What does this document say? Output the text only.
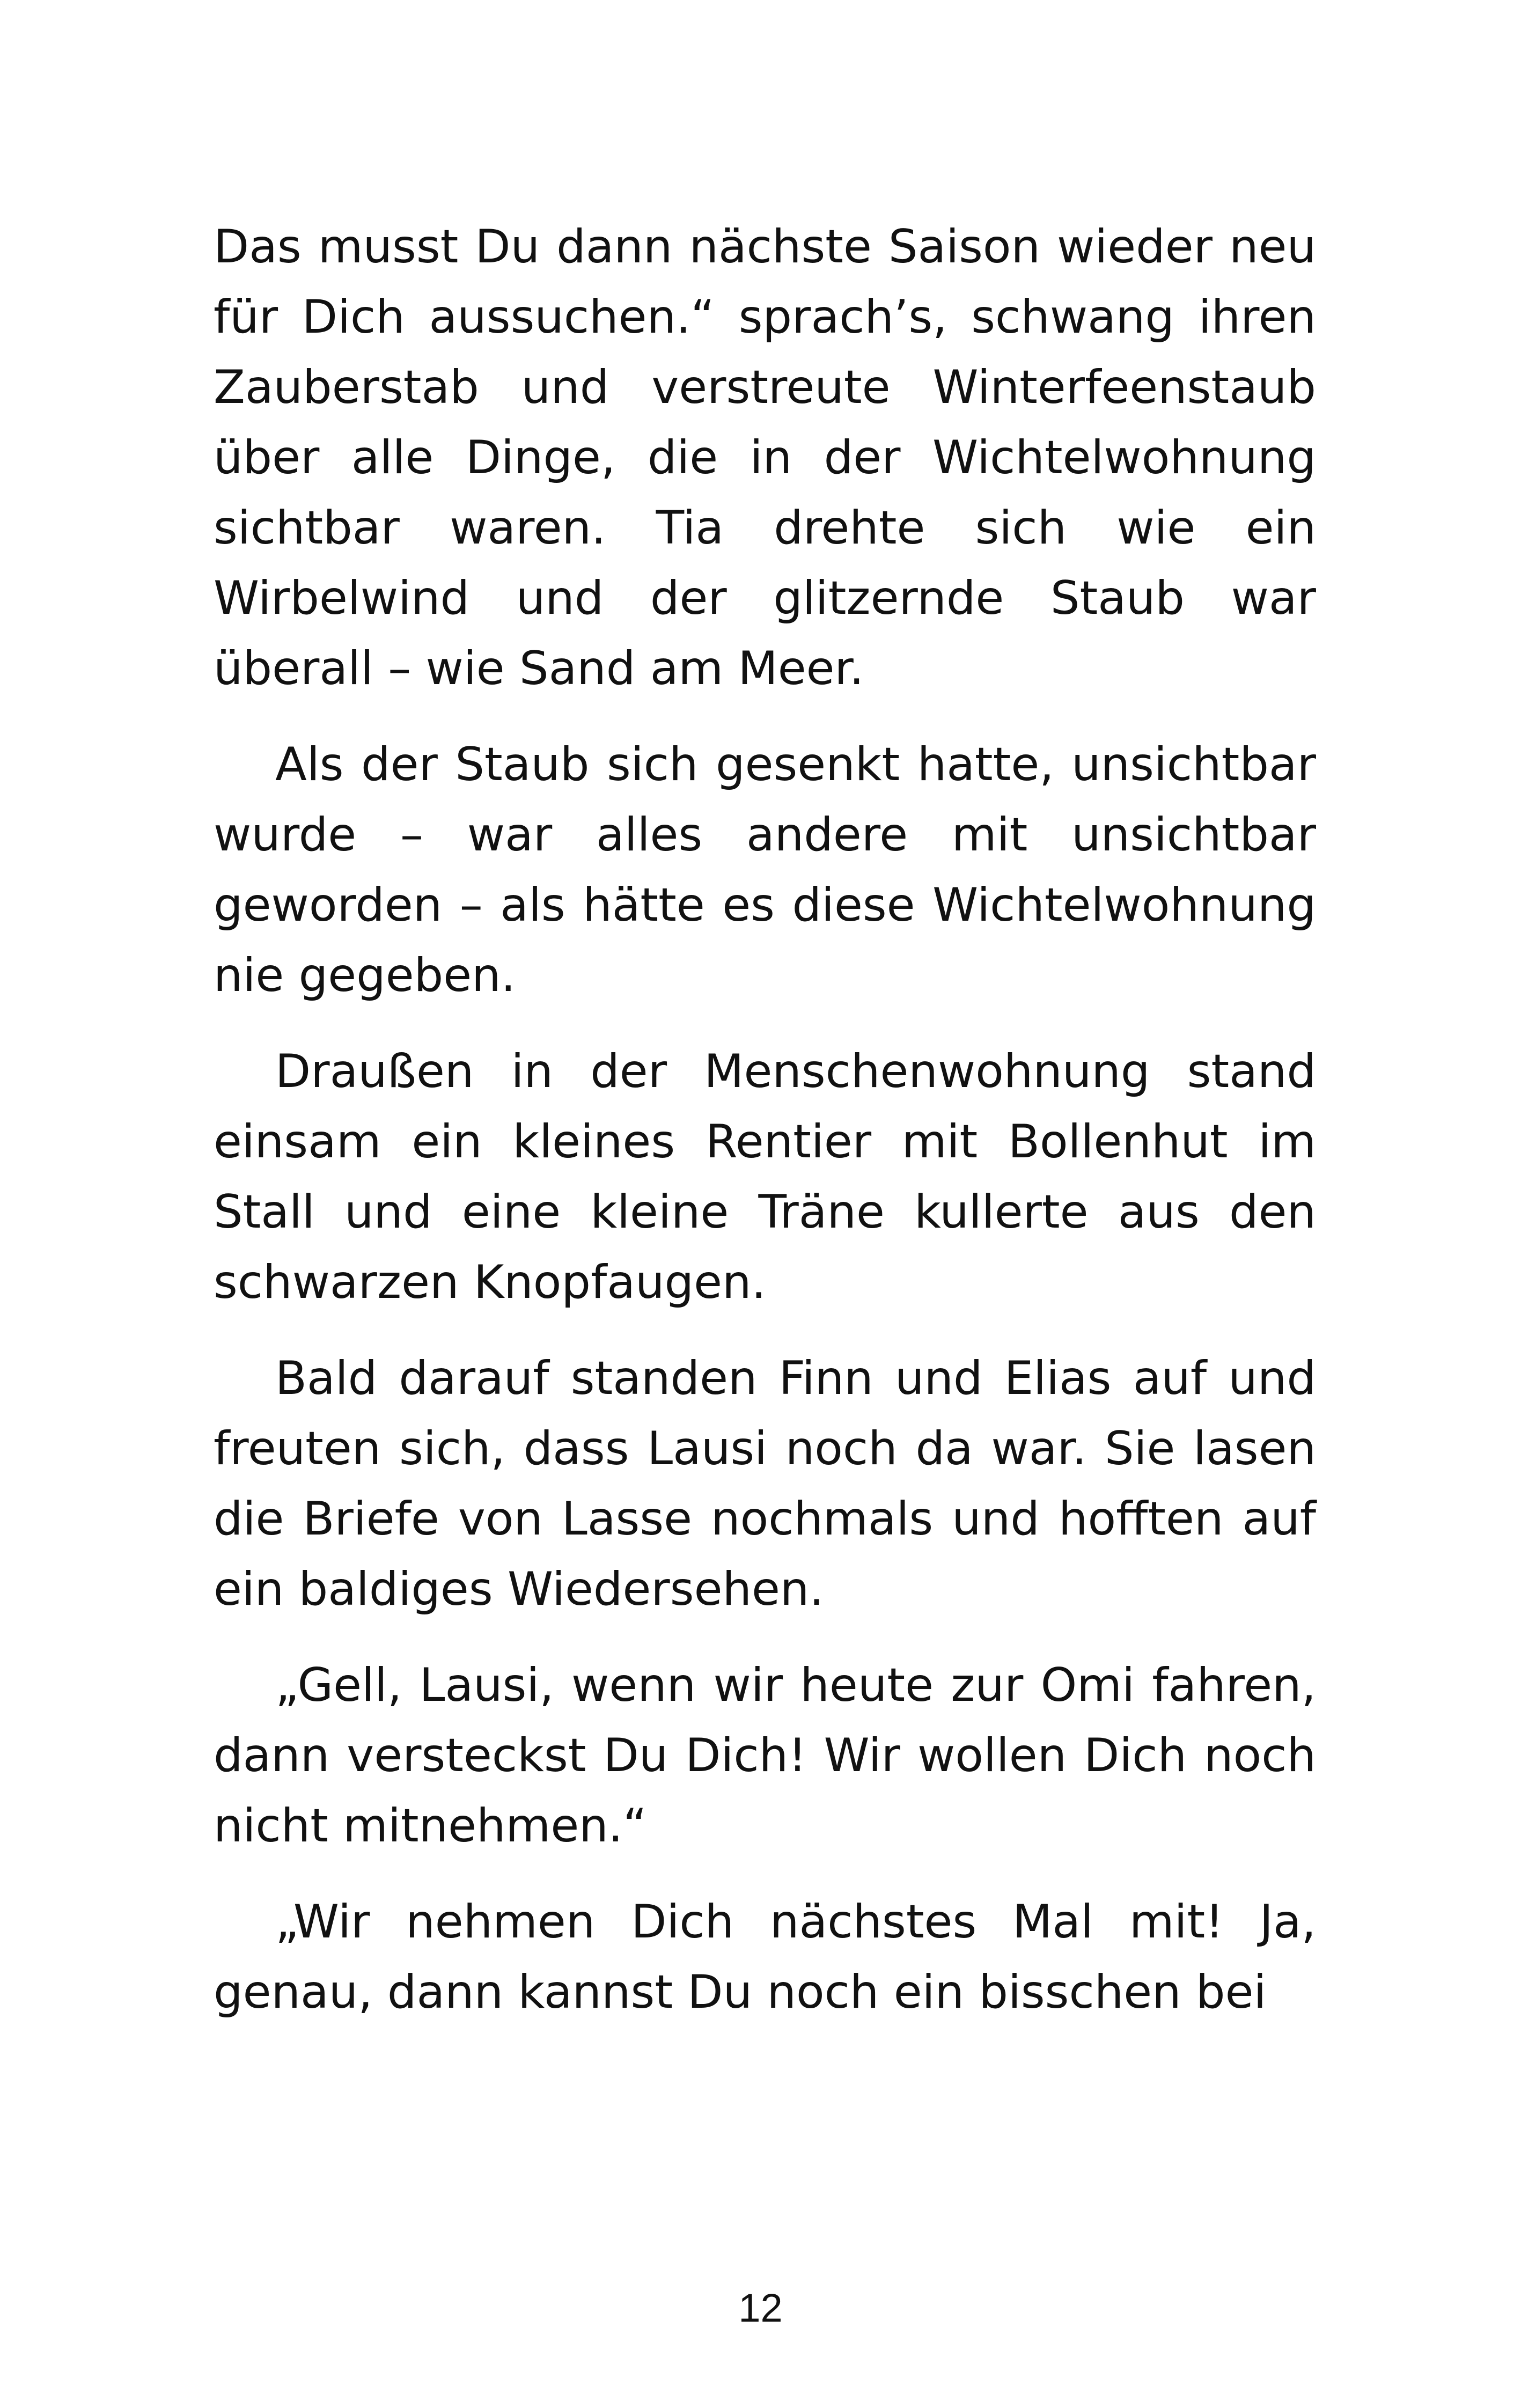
Das musst Du dann nächste Saison wieder neu für Dich aussuchen.“ sprach’s, schwang ihren Zauberstab und verstreute Winterfeenstaub über alle Dinge, die in der Wichtelwohnung sichtbar waren. Tia drehte sich wie ein Wirbelwind und der glitzernde Staub war überall – wie Sand am Meer.

Als der Staub sich gesenkt hatte, unsichtbar wurde – war alles andere mit unsichtbar geworden – als hätte es diese Wichtelwohnung nie gegeben.

Draußen in der Menschenwohnung stand einsam ein kleines Rentier mit Bollenhut im Stall und eine kleine Träne kullerte aus den schwarzen Knopfaugen.

Bald darauf standen Finn und Elias auf und freuten sich, dass Lausi noch da war. Sie lasen die Briefe von Lasse nochmals und hofften auf ein baldiges Wiedersehen.

„Gell, Lausi, wenn wir heute zur Omi fahren, dann versteckst Du Dich! Wir wollen Dich noch nicht mitnehmen.“

„Wir nehmen Dich nächstes Mal mit! Ja, genau, dann kannst Du noch ein bisschen bei

12
